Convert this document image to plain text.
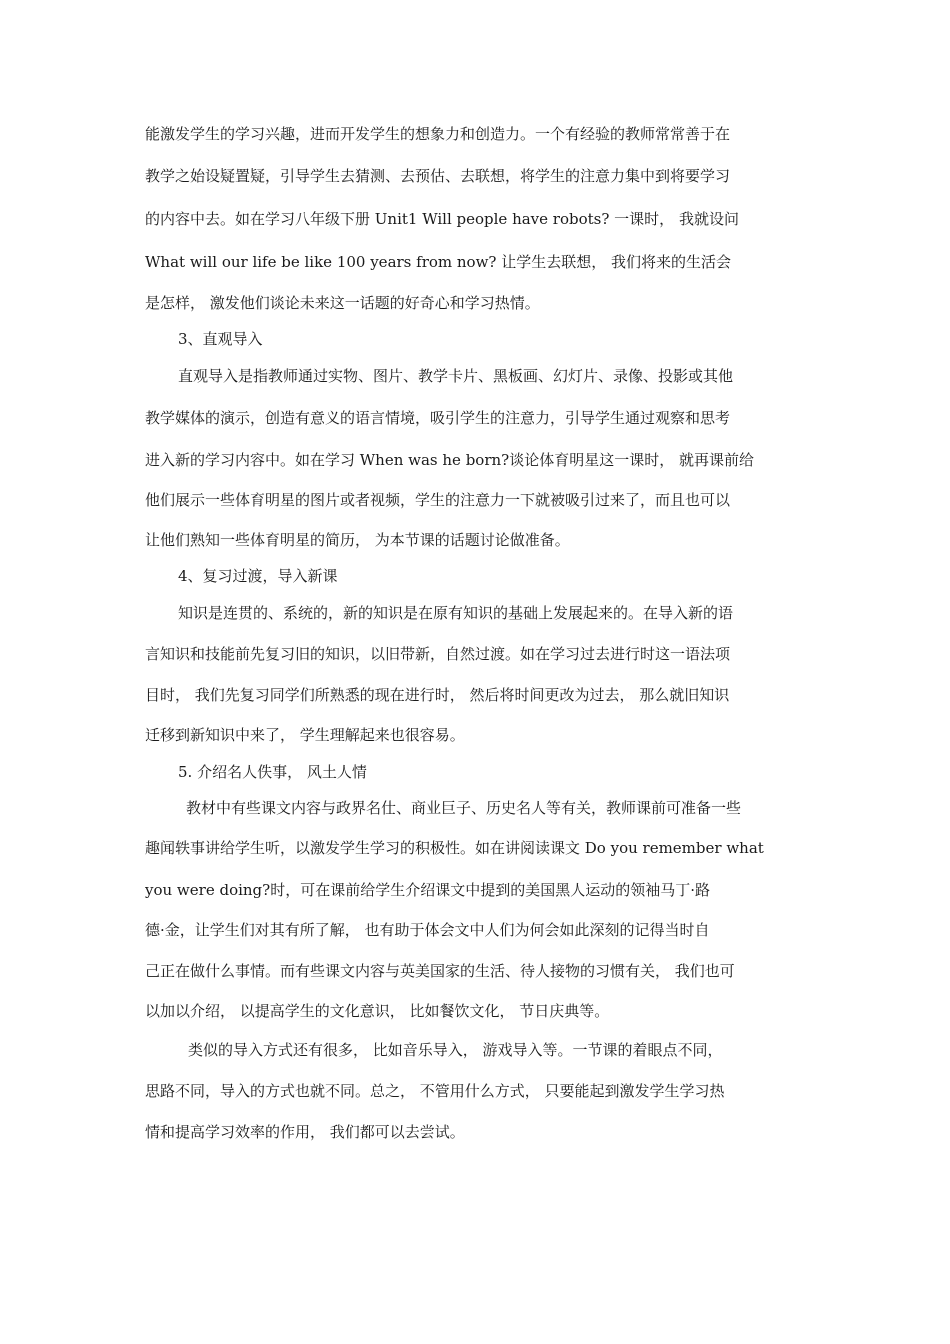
能激发学生的学习兴趣，进而开发学生的想象力和创造力。一个有经验的教师常常善于在
教学之始设疑置疑，引导学生去猜测、去预估、去联想，将学生的注意力集中到将要学习
的内容中去。如在学习八年级下册 Unit1 Will people have robots? 一课时， 我就设问
What will our life be like 100 years from now? 让学生去联想， 我们将来的生活会
是怎样， 激发他们谈论未来这一话题的好奇心和学习热情。
3、直观导入
直观导入是指教师通过实物、图片、教学卡片、黑板画、幻灯片、录像、投影或其他
教学媒体的演示，创造有意义的语言情境，吸引学生的注意力，引导学生通过观察和思考
进入新的学习内容中。如在学习 When was he born?谈论体育明星这一课时， 就再课前给
他们展示一些体育明星的图片或者视频，学生的注意力一下就被吸引过来了，而且也可以
让他们熟知一些体育明星的简历， 为本节课的话题讨论做准备。
4、复习过渡，导入新课
知识是连贯的、系统的，新的知识是在原有知识的基础上发展起来的。在导入新的语
言知识和技能前先复习旧的知识，以旧带新，自然过渡。如在学习过去进行时这一语法项
目时， 我们先复习同学们所熟悉的现在进行时， 然后将时间更改为过去， 那么就旧知识
迁移到新知识中来了， 学生理解起来也很容易。
5. 介绍名人佚事， 风土人情
教材中有些课文内容与政界名仕、商业巨子、历史名人等有关，教师课前可准备一些
趣闻轶事讲给学生听，以激发学生学习的积极性。如在讲阅读课文 Do you remember what
you were doing?时，可在课前给学生介绍课文中提到的美国黑人运动的领袖马丁·路
德·金，让学生们对其有所了解， 也有助于体会文中人们为何会如此深刻的记得当时自
己正在做什么事情。而有些课文内容与英美国家的生活、待人接物的习惯有关， 我们也可
以加以介绍， 以提高学生的文化意识， 比如餐饮文化， 节日庆典等。
类似的导入方式还有很多， 比如音乐导入， 游戏导入等。一节课的着眼点不同，
思路不同，导入的方式也就不同。总之， 不管用什么方式， 只要能起到激发学生学习热
情和提高学习效率的作用， 我们都可以去尝试。
